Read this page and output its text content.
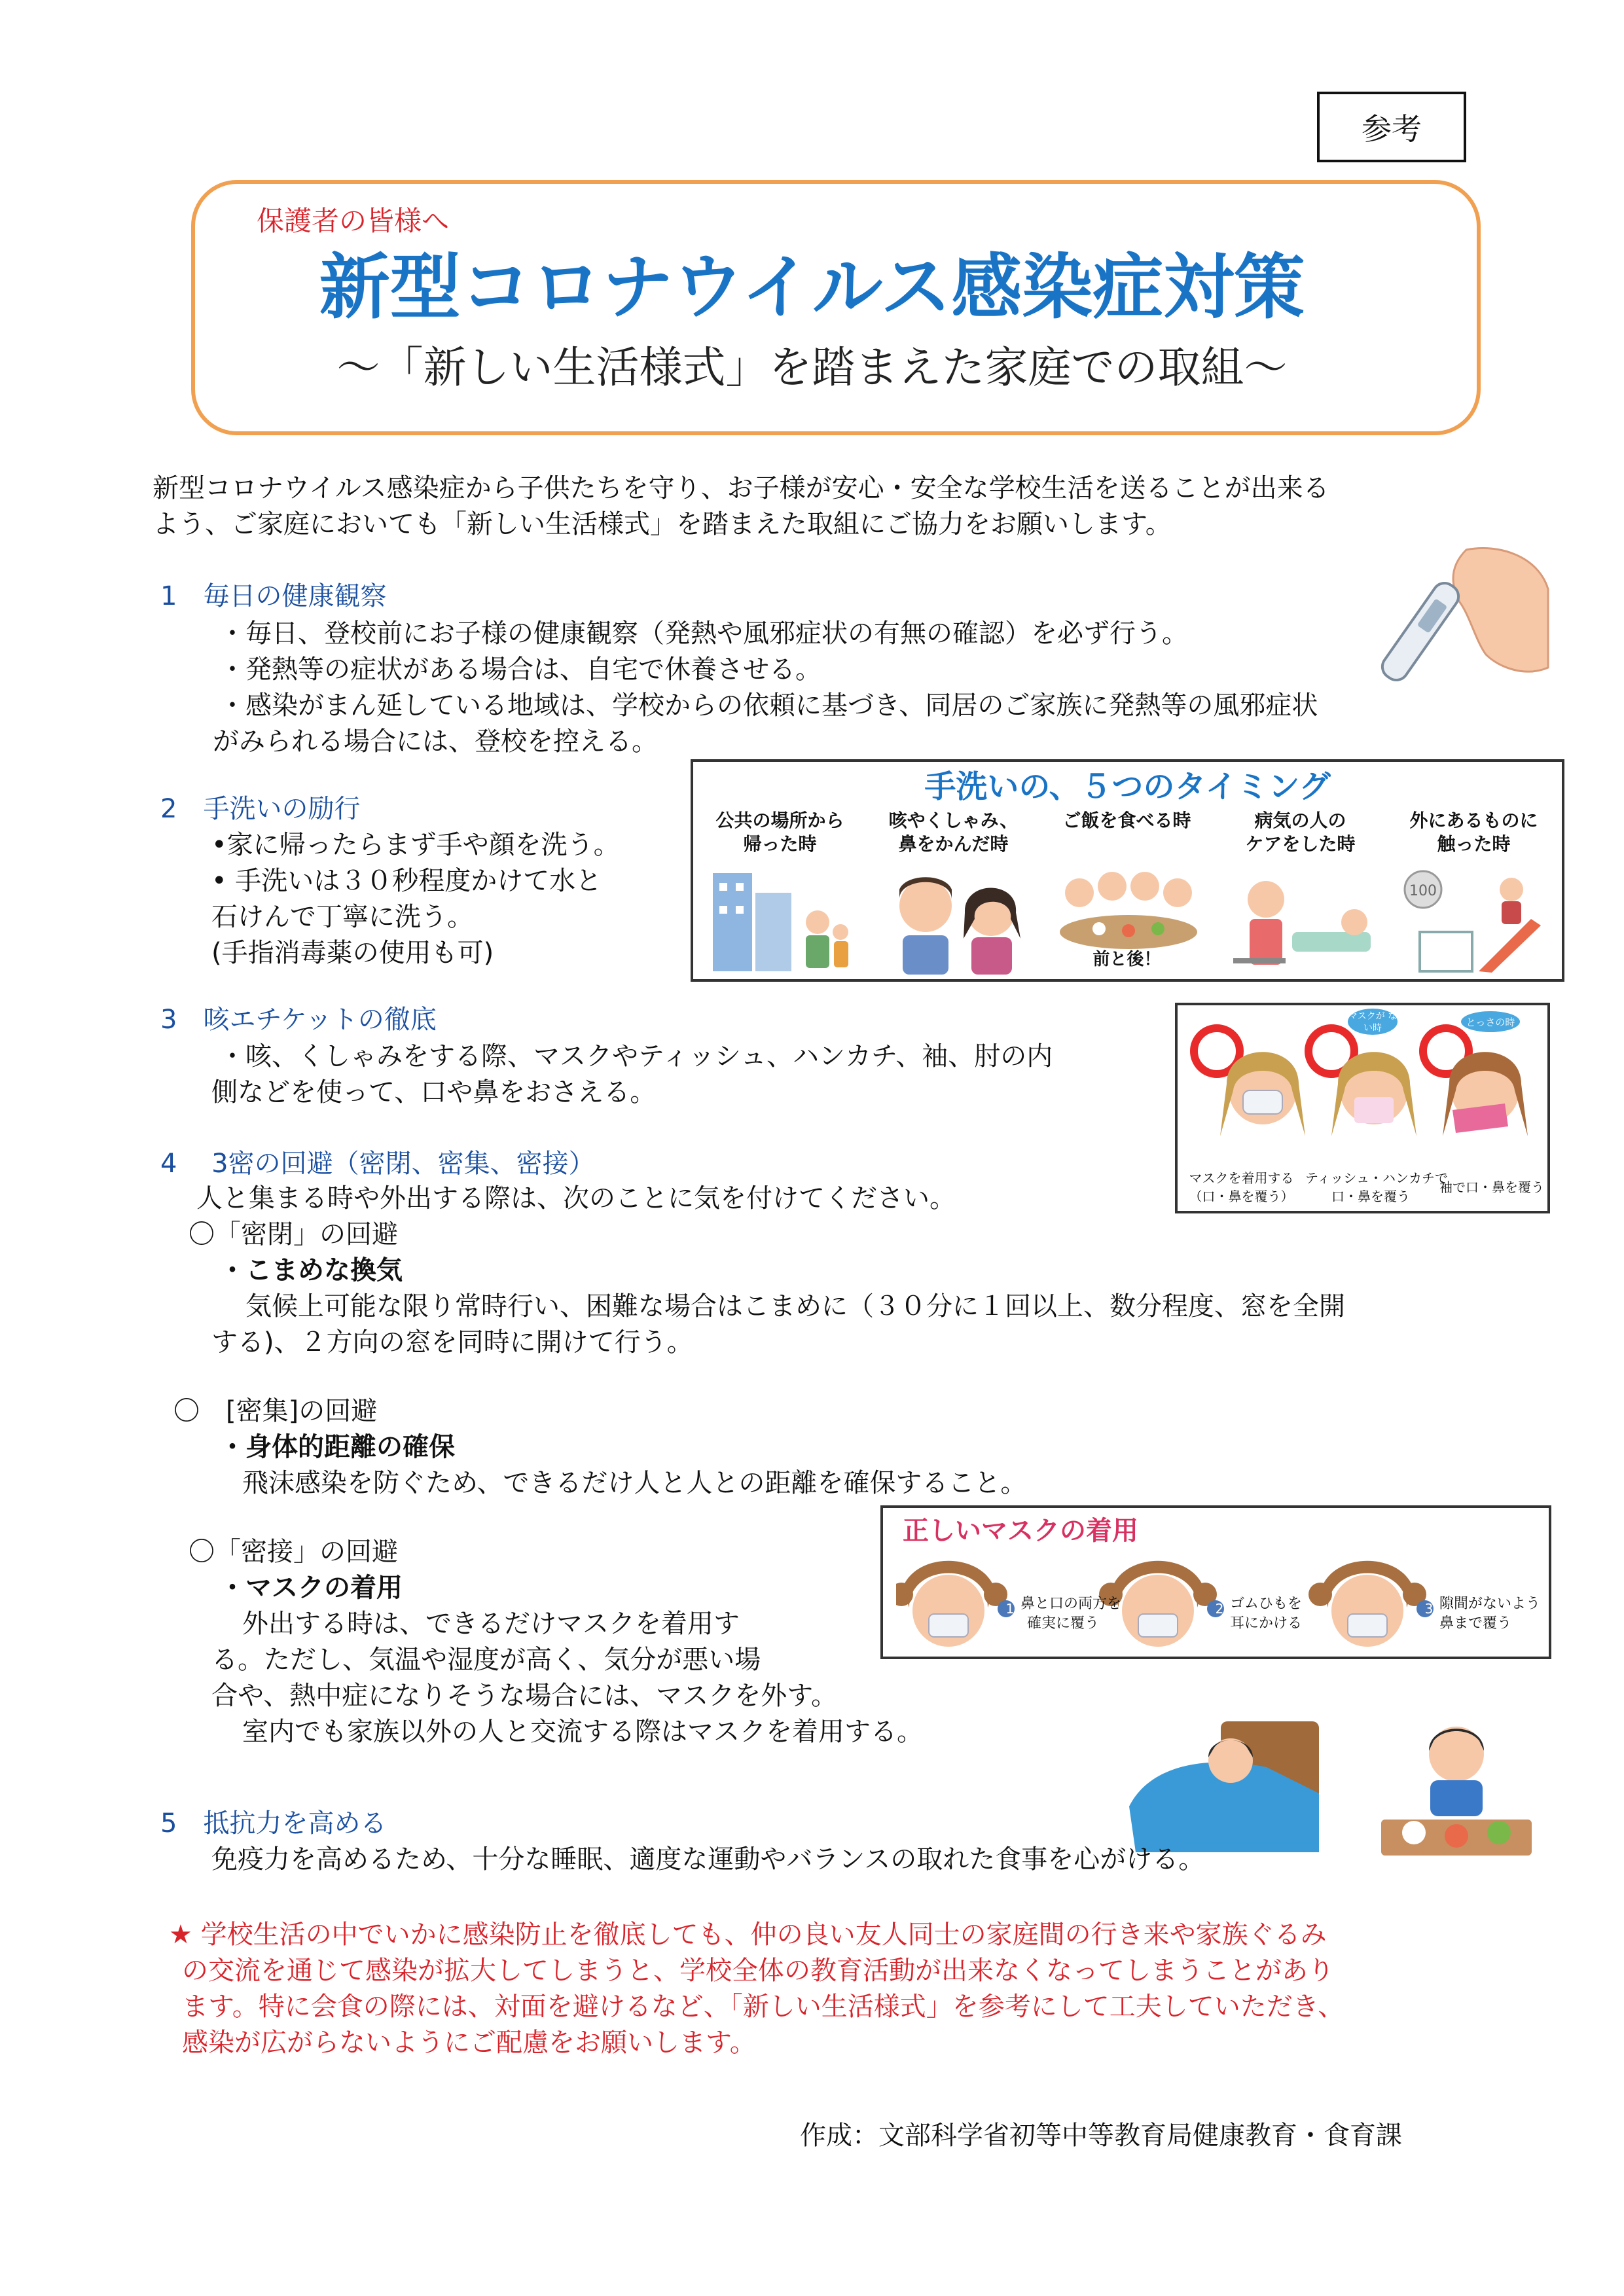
参考
保護者の皆様へ
新型コロナウイルス感染症対策
～「新しい生活様式」を踏まえた家庭での取組～
新型コロナウイルス感染症から子供たちを守り、お子様が安心・安全な学校生活を送ることが出来る
よう、ご家庭においても「新しい生活様式」を踏まえた取組にご協力をお願いします。
1　毎日の健康観察
・毎日、登校前にお子様の健康観察（発熱や風邪症状の有無の確認）を必ず行う。
・発熱等の症状がある場合は、自宅で休養させる。
・感染がまん延している地域は、学校からの依頼に基づき、同居のご家族に発熱等の風邪症状
がみられる場合には、登校を控える。
2　手洗いの励行
•家に帰ったらまず手や顔を洗う。
• 手洗いは３０秒程度かけて水と
石けんで丁寧に洗う。
(手指消毒薬の使用も可)
手洗いの、５つのタイミング
公共の場所から
帰った時
咳やくしゃみ、
鼻をかんだ時
ご飯を食べる時	病気の人の
ケアをした時
外にあるものに
触った時
前と後！
100
3　咳エチケットの徹底
・咳、くしゃみをする際、マスクやティッシュ、ハンカチ、袖、肘の内
側などを使って、口や鼻をおさえる。
マスクが ない時	とっさの時
マスクを着用する
（口・鼻を覆う）
ティッシュ・ハンカチで
口・鼻を覆う
袖で口・鼻を覆う
4　 3密の回避（密閉、密集、密接）
人と集まる時や外出する際は、次のことに気を付けてください。
〇「密閉」の回避
・こまめな換気
気候上可能な限り常時行い、困難な場合はこまめに（３０分に１回以上、数分程度、窓を全開
する)、２方向の窓を同時に開けて行う。
〇　[密集]の回避
・身体的距離の確保
飛沫感染を防ぐため、できるだけ人と人との距離を確保すること。
〇「密接」の回避
・マスクの着用
外出する時は、できるだけマスクを着用す
る。ただし、気温や湿度が高く、気分が悪い場
合や、熱中症になりそうな場合には、マスクを外す。
室内でも家族以外の人と交流する際はマスクを着用する。
正しいマスクの着用
1	2	3
鼻と口の両方を
確実に覆う
ゴムひもを
耳にかける
隙間がないよう
鼻まで覆う
5　抵抗力を高める
免疫力を高めるため、十分な睡眠、適度な運動やバランスの取れた食事を心がける。
★ 学校生活の中でいかに感染防止を徹底しても、仲の良い友人同士の家庭間の行き来や家族ぐるみ
の交流を通じて感染が拡大してしまうと、学校全体の教育活動が出来なくなってしまうことがあり
ます。特に会食の際には、対面を避けるなど、「新しい生活様式」を参考にして工夫していただき、
感染が広がらないようにご配慮をお願いします。
作成：文部科学省初等中等教育局健康教育・食育課
